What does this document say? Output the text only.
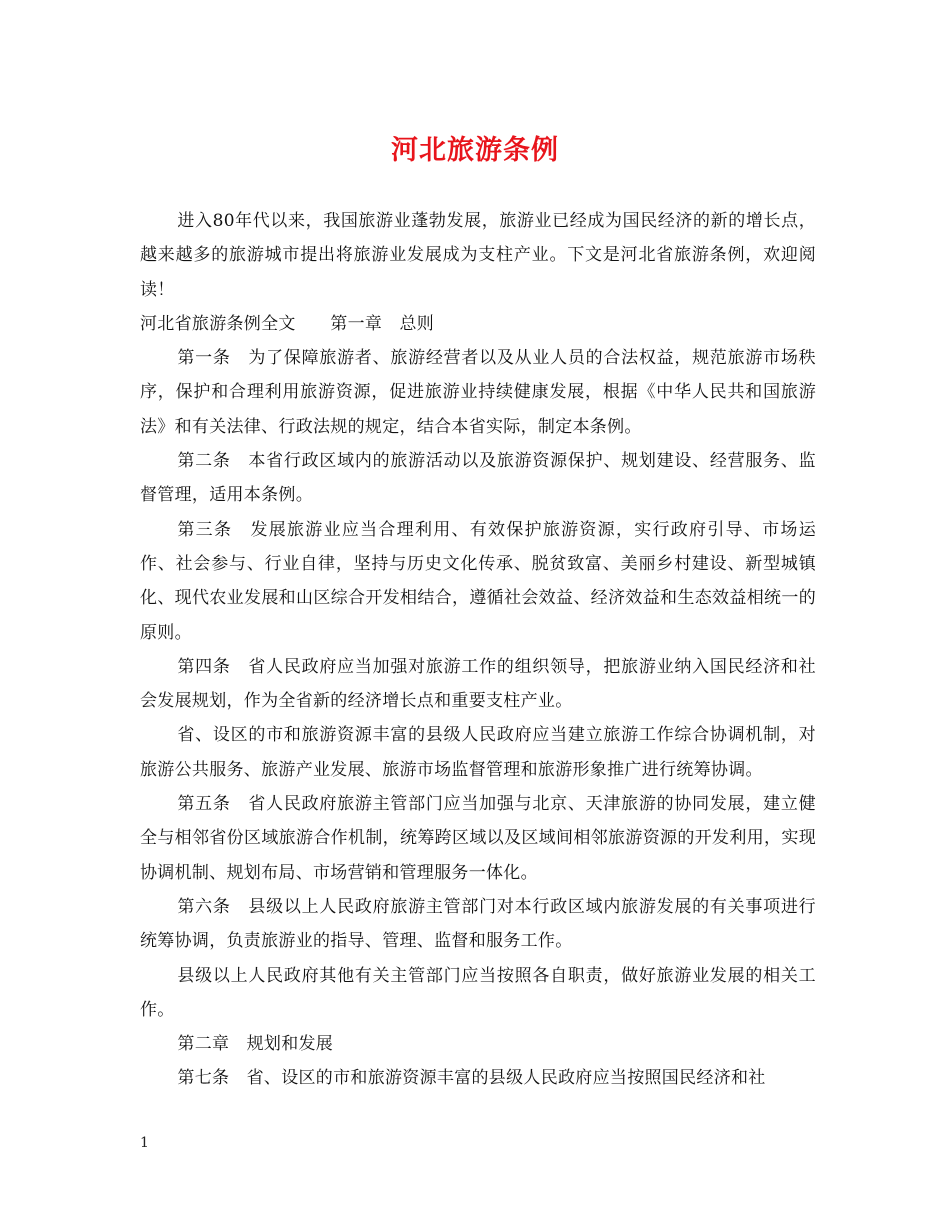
河北旅游条例

进入80年代以来，我国旅游业蓬勃发展，旅游业已经成为国民经济的新的增长点，越来越多的旅游城市提出将旅游业发展成为支柱产业。下文是河北省旅游条例，欢迎阅读！

河北省旅游条例全文　　第一章　总则

第一条　为了保障旅游者、旅游经营者以及从业人员的合法权益，规范旅游市场秩序，保护和合理利用旅游资源，促进旅游业持续健康发展，根据《中华人民共和国旅游法》和有关法律、行政法规的规定，结合本省实际，制定本条例。

第二条　本省行政区域内的旅游活动以及旅游资源保护、规划建设、经营服务、监督管理，适用本条例。

第三条　发展旅游业应当合理利用、有效保护旅游资源，实行政府引导、市场运作、社会参与、行业自律，坚持与历史文化传承、脱贫致富、美丽乡村建设、新型城镇化、现代农业发展和山区综合开发相结合，遵循社会效益、经济效益和生态效益相统一的原则。

第四条　省人民政府应当加强对旅游工作的组织领导，把旅游业纳入国民经济和社会发展规划，作为全省新的经济增长点和重要支柱产业。

省、设区的市和旅游资源丰富的县级人民政府应当建立旅游工作综合协调机制，对旅游公共服务、旅游产业发展、旅游市场监督管理和旅游形象推广进行统筹协调。

第五条　省人民政府旅游主管部门应当加强与北京、天津旅游的协同发展，建立健全与相邻省份区域旅游合作机制，统筹跨区域以及区域间相邻旅游资源的开发利用，实现协调机制、规划布局、市场营销和管理服务一体化。

第六条　县级以上人民政府旅游主管部门对本行政区域内旅游发展的有关事项进行统筹协调，负责旅游业的指导、管理、监督和服务工作。

县级以上人民政府其他有关主管部门应当按照各自职责，做好旅游业发展的相关工作。

第二章　规划和发展

第七条　省、设区的市和旅游资源丰富的县级人民政府应当按照国民经济和社

1
